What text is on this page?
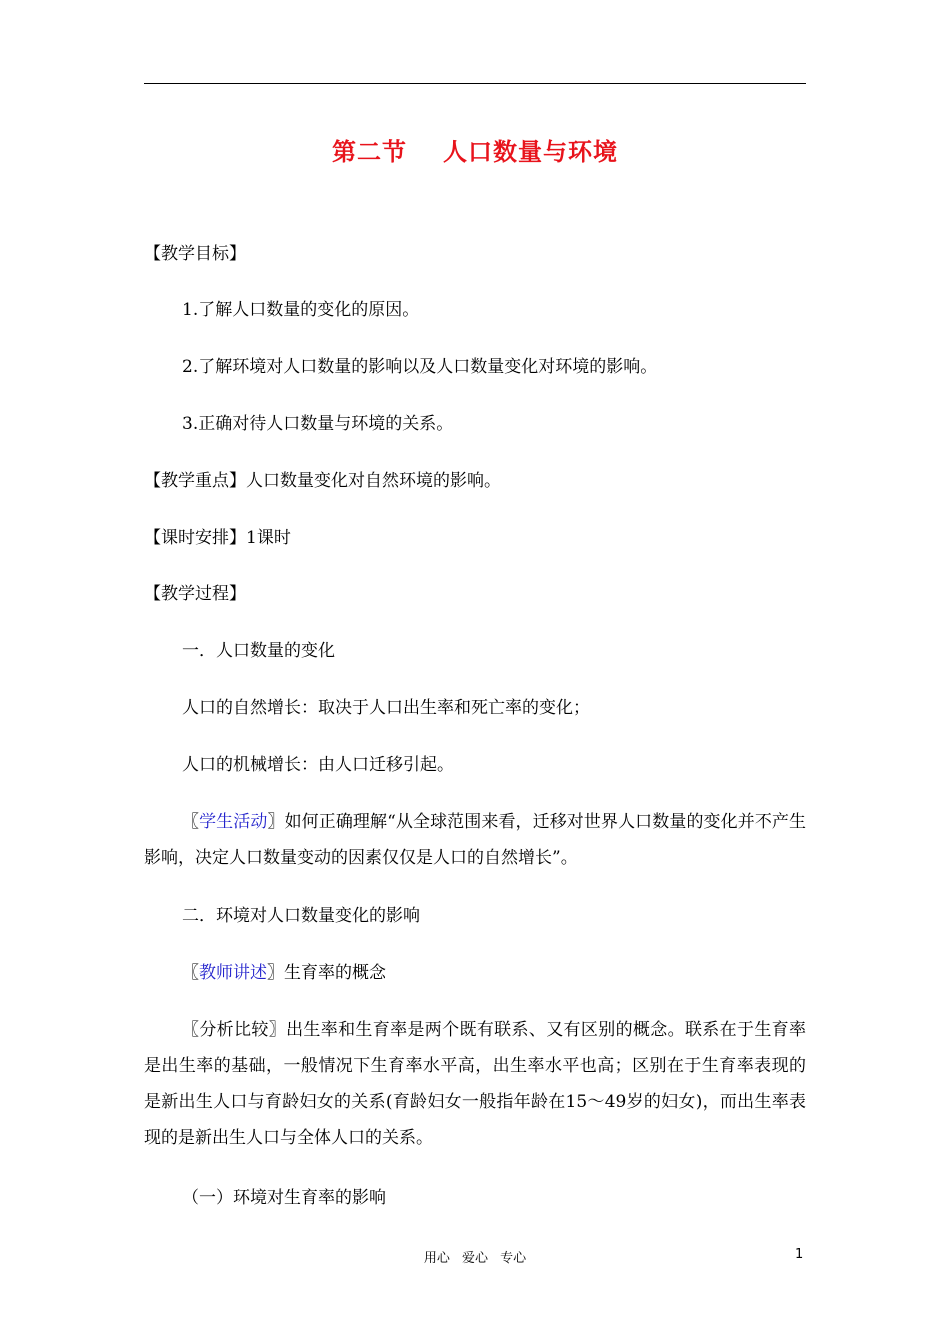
第二节 人口数量与环境
【教学目标】
1.了解人口数量的变化的原因。
2.了解环境对人口数量的影响以及人口数量变化对环境的影响。
3.正确对待人口数量与环境的关系。
【教学重点】人口数量变化对自然环境的影响。
【课时安排】1课时
【教学过程】
一．人口数量的变化
人口的自然增长：取决于人口出生率和死亡率的变化；
人口的机械增长：由人口迁移引起。
〖学生活动〗如何正确理解“从全球范围来看，迁移对世界人口数量的变化并不产生影响，决定人口数量变动的因素仅仅是人口的自然增长”。
二．环境对人口数量变化的影响
〖教师讲述〗生育率的概念
〖分析比较〗出生率和生育率是两个既有联系、又有区别的概念。联系在于生育率是出生率的基础，一般情况下生育率水平高，出生率水平也高；区别在于生育率表现的是新出生人口与育龄妇女的关系(育龄妇女一般指年龄在15～49岁的妇女)，而出生率表现的是新出生人口与全体人口的关系。
（一）环境对生育率的影响
用心 爱心 专心	1
